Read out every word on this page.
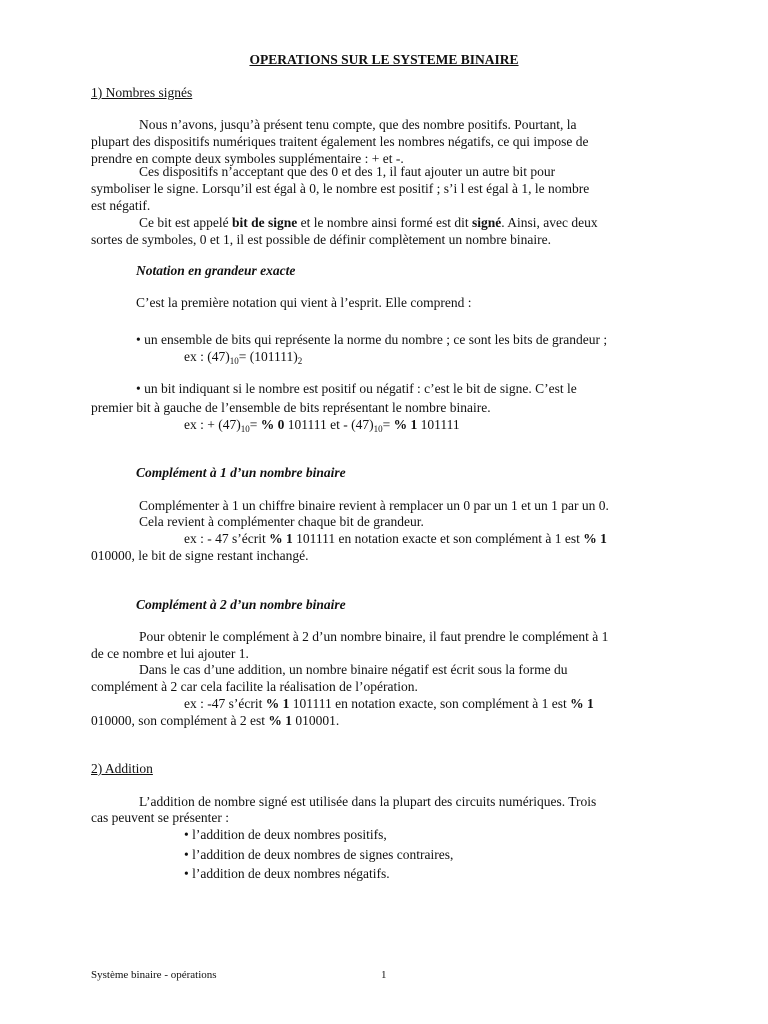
OPERATIONS SUR LE SYSTEME BINAIRE
1) Nombres signés
Nous n’avons, jusqu’à présent tenu compte, que des nombre positifs. Pourtant, la
plupart des dispositifs numériques traitent également les nombres négatifs, ce qui impose de
prendre en compte deux symboles supplémentaire : + et -.
Ces dispositifs n’acceptant que des 0 et des 1, il faut ajouter un autre bit pour
symboliser le signe. Lorsqu’il est égal à 0, le nombre est positif ; s’i l est égal à 1, le nombre
est négatif.
Ce bit est appelé bit de signe et le nombre ainsi formé est dit signé. Ainsi, avec deux
sortes de symboles, 0 et 1, il est possible de définir complètement un nombre binaire.
Notation en grandeur exacte
C’est la première notation qui vient à l’esprit. Elle comprend :
• un ensemble de bits qui représente la norme du nombre ; ce sont les bits de grandeur ;
ex : $(47)_{10}= (101111)_2$
• un bit indiquant si le nombre est positif ou négatif : c’est le bit de signe. C’est le
premier bit à gauche de l’ensemble de bits représentant le nombre binaire.
ex : + $(47)_{10}=$ % 0 101111 et - $(47)_{10}=$ % 1 101111
Complément à 1 d’un nombre binaire
Complémenter à 1 un chiffre binaire revient à remplacer un 0 par un 1 et un 1 par un 0.
Cela revient à complémenter chaque bit de grandeur.
ex : - 47 s’écrit % 1 101111 en notation exacte et son complément à 1 est % 1
010000, le bit de signe restant inchangé.
Complément à 2 d’un nombre binaire
Pour obtenir le complément à 2 d’un nombre binaire, il faut prendre le complément à 1
de ce nombre et lui ajouter 1.
Dans le cas d’une addition, un nombre binaire négatif est écrit sous la forme du
complément à 2 car cela facilite la réalisation de l’opération.
ex : -47 s’écrit % 1 101111 en notation exacte, son complément à 1 est % 1
010000, son complément à 2 est % 1 010001.
2) Addition
L’addition de nombre signé est utilisée dans la plupart des circuits numériques. Trois
cas peuvent se présenter :
• l’addition de deux nombres positifs,
• l’addition de deux nombres de signes contraires,
• l’addition de deux nombres négatifs.
Système binaire - opérations	1
